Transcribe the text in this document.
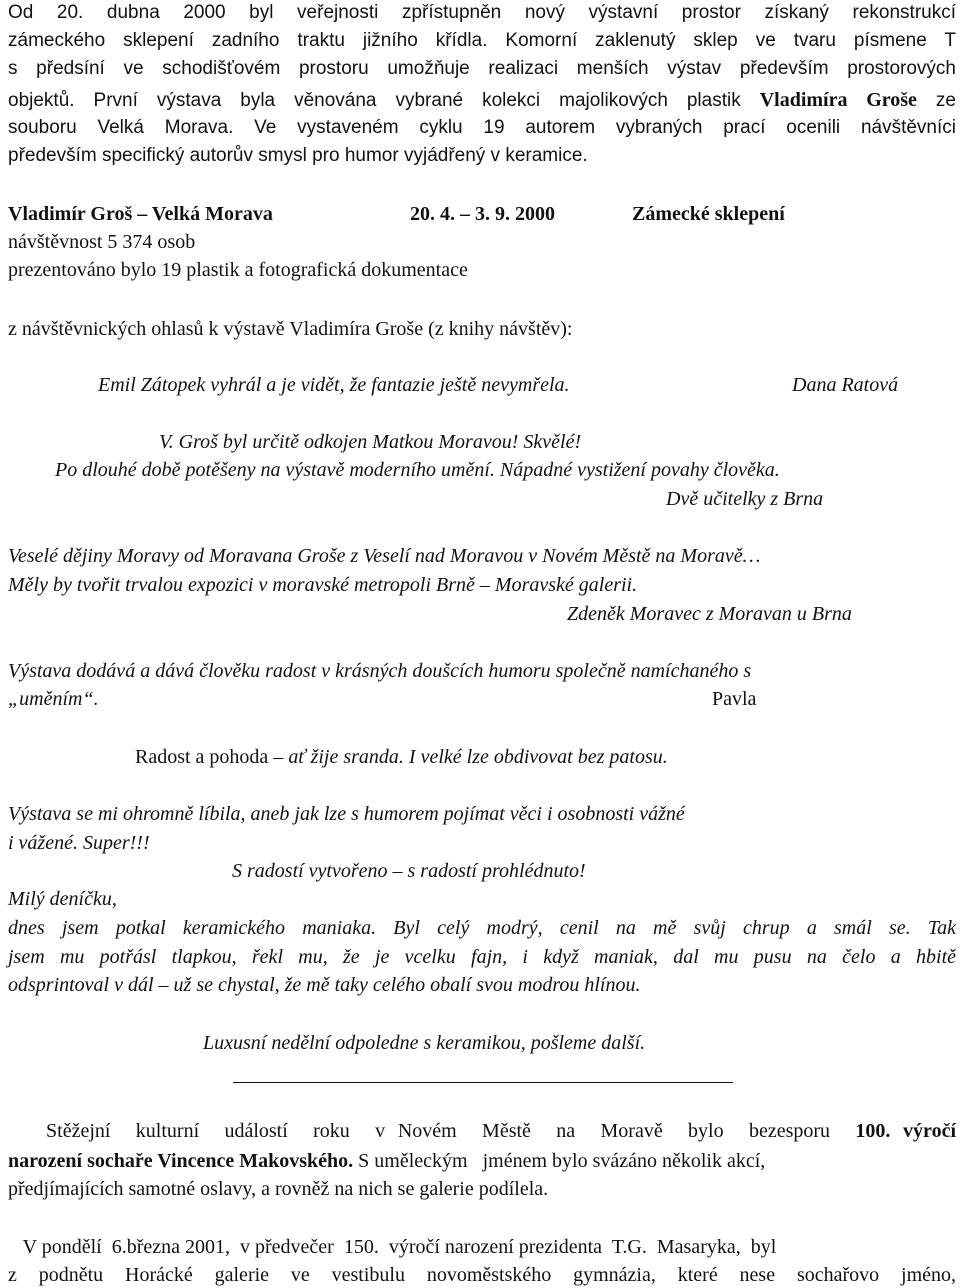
Od 20. dubna 2000 byl veřejnosti zpřístupněn nový výstavní prostor získaný rekonstrukcí
zámeckého sklepení zadního traktu jižního křídla. Komorní zaklenutý sklep ve tvaru písmene T
s předsíní ve schodišťovém prostoru umožňuje realizaci menších výstav především prostorových
objektů. První výstava byla věnována vybrané kolekci majolikových plastik Vladimíra Groše ze
souboru Velká Morava. Ve vystaveném cyklu 19 autorem vybraných prací ocenili návštěvníci
především specifický autorův smysl pro humor vyjádřený v keramice.
Vladimír Groš – Velká Morava	20. 4. – 3. 9. 2000	Zámecké sklepení
návštěvnost 5 374 osob
prezentováno bylo 19 plastik a fotografická dokumentace
z návštěvnických ohlasů k výstavě Vladimíra Groše (z knihy návštěv):
Emil Zátopek vyhrál a je vidět, že fantazie ještě nevymřela.	Dana Ratová
V. Groš byl určitě odkojen Matkou Moravou! Skvělé!
Po dlouhé době potěšeny na výstavě moderního umění. Nápadné vystižení povahy člověka.
Dvě učitelky z Brna
Veselé dějiny Moravy od Moravana Groše z Veselí nad Moravou v Novém Městě na Moravě…
Měly by tvořit trvalou expozici v moravské metropoli Brně – Moravské galerii.
Zdeněk Moravec z Moravan u Brna
Výstava dodává a dává člověku radost v krásných doušcích humoru společně namíchaného s
„uměním“.	Pavla
Radost a pohoda – ať žije sranda. I velké lze obdivovat bez patosu.
Výstava se mi ohromně líbila, aneb jak lze s humorem pojímat věci i osobnosti vážné
i vážené. Super!!!
S radostí vytvořeno – s radostí prohlédnuto!
Milý deníčku,
dnes jsem potkal keramického maniaka. Byl celý modrý, cenil na mě svůj chrup a smál se. Tak
jsem mu potřásl tlapkou, řekl mu, že je vcelku fajn, i když maniak, dal mu pusu na čelo a hbitě
odsprintoval v dál – už se chystal, že mě taky celého obalí svou modrou hlínou.
Luxusní nedělní odpoledne s keramikou, pošleme další.
Stěžejní  kulturní  událostí  roku  v Novém  Městě  na  Moravě  bylo  bezesporu  100. výročí
narození sochaře Vincence Makovského. S uměleckým   jménem bylo svázáno několik akcí,
předjímajících samotné oslavy, a rovněž na nich se galerie podílela.
V pondělí  6.března 2001,  v předvečer  150.  výročí narození prezidenta  T.G.  Masaryka,  byl
z podnětu Horácké galerie ve vestibulu novoměstského gymnázia, které nese sochařovo jméno,
